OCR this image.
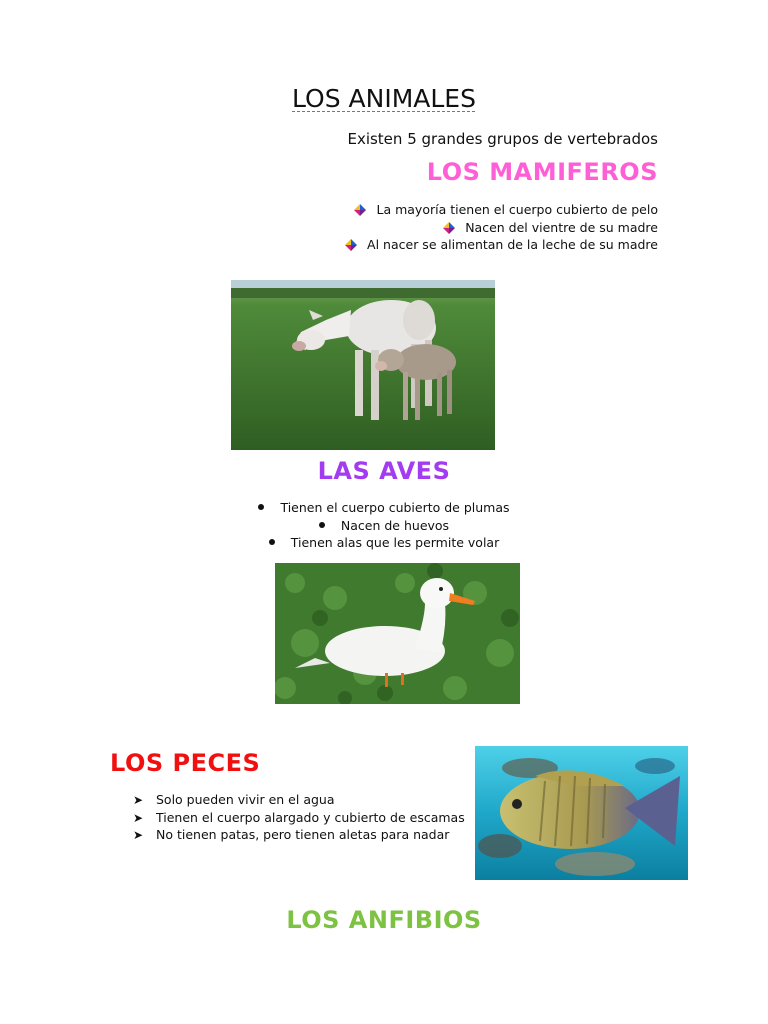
LOS ANIMALES
Existen 5 grandes grupos de vertebrados
LOS MAMIFEROS
La mayoría tienen el cuerpo cubierto de pelo
Nacen del vientre de su madre
Al nacer se alimentan de la leche de su madre
LAS AVES
Tienen el cuerpo cubierto de plumas
Nacen de huevos
Tienen alas que les permite volar
LOS PECES
➤ Solo pueden vivir en el agua
➤ Tienen el cuerpo alargado y cubierto de escamas
➤ No tienen patas, pero tienen aletas para nadar
LOS ANFIBIOS
